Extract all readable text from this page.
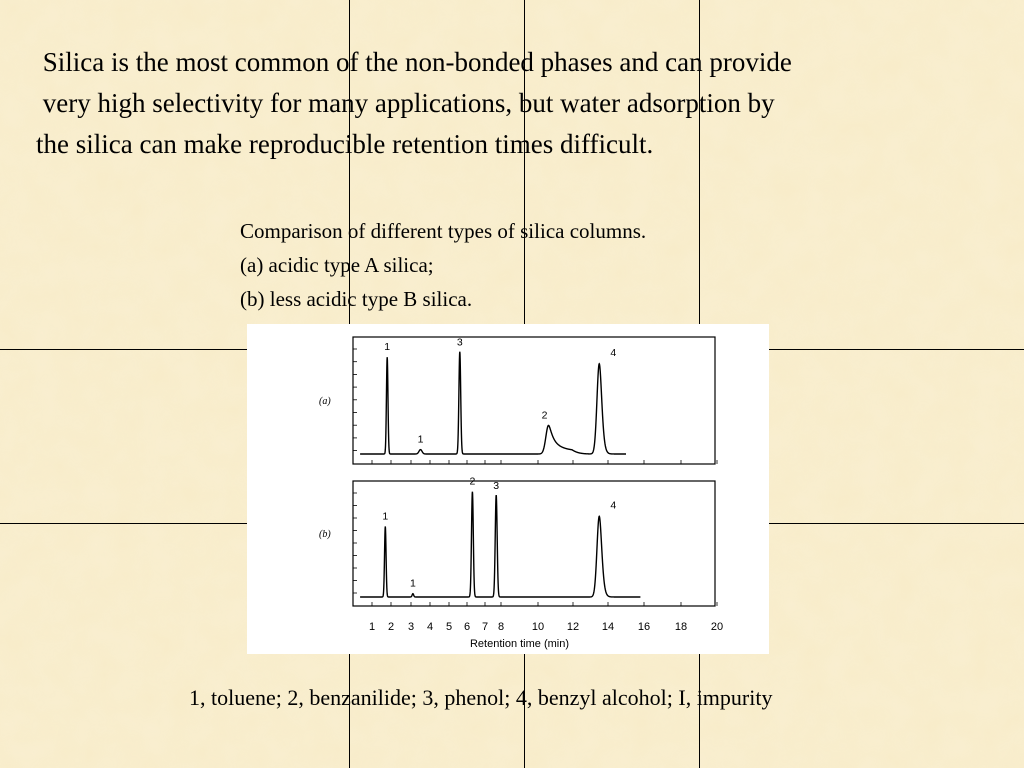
Silica is the most common of the non-bonded phases and can provide
very high selectivity for many applications, but water adsorption by
the silica can make reproducible retention times difficult.
Comparison of different types of silica columns.
(a) acidic type A silica;
(b) less acidic type B silica.
(a)
1
1
3
2
4
(b)
1
1
2 3
4
1 2 3 4 5 6 7 8	10 12 14 16 18 20
Retention time (min)
1, toluene; 2, benzanilide; 3, phenol; 4, benzyl alcohol; I, impurity
